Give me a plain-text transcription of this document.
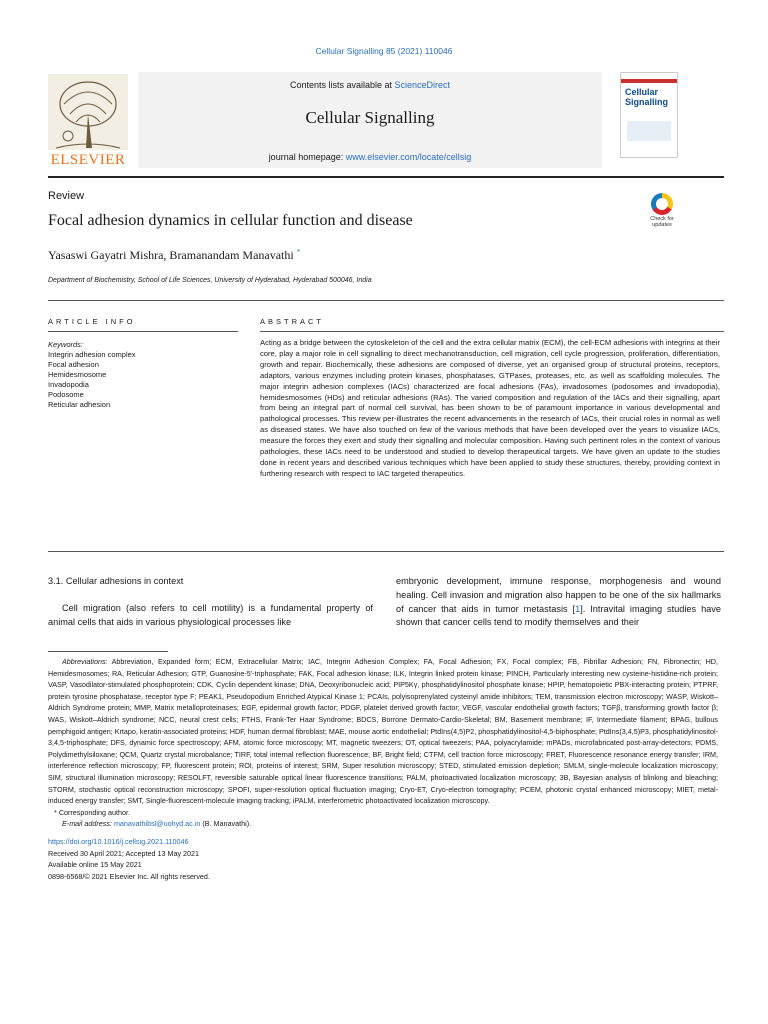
Cellular Signalling 85 (2021) 110046
ELSEVIER
Contents lists available at ScienceDirect
Cellular Signalling
journal homepage: www.elsevier.com/locate/cellsig
Cellular Signalling
Review
Focal adhesion dynamics in cellular function and disease	Check for
updates
Yasaswi Gayatri Mishra, Bramanandam Manavathi *
Department of Biochemistry, School of Life Sciences, University of Hyderabad, Hyderabad 500046, India
ARTICLE INFO	ABSTRACT
Keywords:
Integrin adhesion complex
Focal adhesion
Hemidesmosome
Invadopodia
Podosome
Reticular adhesion
Acting as a bridge between the cytoskeleton of the cell and the extra cellular matrix (ECM), the cell-ECM adhesions with integrins at their core, play a major role in cell signalling to direct mechanotransduction, cell migration, cell cycle progression, proliferation, differentiation, growth and repair. Biochemically, these adhesions are composed of diverse, yet an organised group of structural proteins, receptors, adaptors, various enzymes including protein kinases, phosphatases, GTPases, proteases, etc. as well as scaffolding molecules. The major integrin adhesion complexes (IACs) characterized are focal adhesions (FAs), invadosomes (podosomes and invadopodia), hemidesmosomes (HDs) and reticular adhesions (RAs). The varied composition and regulation of the IACs and their signalling, apart from being an integral part of normal cell survival, has been shown to be of paramount importance in various developmental and pathological processes. This review per-illustrates the recent advancements in the research of IACs, their crucial roles in normal as well as diseased states. We have also touched on few of the various methods that have been developed over the years to visualize IACs, measure the forces they exert and study their signalling and molecular composition. Having such pertinent roles in the context of various pathologies, these IACs need to be understood and studied to develop therapeutical targets. We have given an update to the studies done in recent years and described various techniques which have been applied to study these structures, thereby, providing context in furthering research with respect to IAC targeted therapeutics.
3.1. Cellular adhesions in context
Cell migration (also refers to cell motility) is a fundamental property of animal cells that aids in various physiological processes like
embryonic development, immune response, morphogenesis and wound healing. Cell invasion and migration also happen to be one of the six hallmarks of cancer that aids in tumor metastasis [1]. Intravital imaging studies have shown that cancer cells tend to modify themselves and their
Abbreviations: Abbreviation, Expanded form; ECM, Extracellular Matrix; IAC, Integrin Adhesion Complex; FA, Focal Adhesion; FX, Focal complex; FB, Fibrillar Adhesion; FN, Fibronectin; HD, Hemidesmosomes; RA, Reticular Adhesion; GTP, Guanosine-5'-triphosphate; FAK, Focal adhesion kinase; ILK, Integrin linked protein kinase; PINCH, Particularly interesting new cysteine-histidine-rich protein; VASP, Vasodilator-stimulated phosphoprotein; CDK, Cyclin dependent kinase; DNA, Deoxyribonucleic acid; PIP5Kγ, phosphatidylinositol phosphate kinase; HPIP, hematopoietic PBX-interacting protein; PTPRF, protein tyrosine phosphatase, receptor type F; PEAK1, Pseudopodium Enriched Atypical Kinase 1; PCAIs, polyisoprenylated cysteinyl amide inhibitors; TEM, transmission electron microscopy; WASP, Wiskott–Aldrich Syndrome protein; MMP, Matrix metalloproteinases; EGF, epidermal growth factor; PDGF, platelet derived growth factor; VEGF, vascular endothelial growth factors; TGFβ, transforming growth factor β; WAS, Wiskott–Aldrich syndrome; NCC, neural crest cells; FTHS, Frank-Ter Haar Syndrome; BDCS, Borrone Dermato-Cardio-Skeletal; BM, Basement membrane; IF, Intermediate filament; BPAG, bullous pemphigoid antigen; Krtapo, keratin-associated proteins; HDF, human dermal fibroblast; MAE, mouse aortic endothelial; PtdIns(4,5)P2, phosphatidylinositol-4,5-biphosphate; PtdIns(3,4,5)P3, phosphatidylinositol-3,4,5-triphosphate; DFS, dynamic force spectroscopy; AFM, atomic force microscopy; MT, magnetic tweezers; OT, optical tweezers; PAA, polyacrylamide; mPADs, microfabricated post-array-detectors; PDMS, Polydimethylsiloxane; QCM, Quartz crystal microbalance; TIRF, total internal reflection fluorescence; BF, Bright field; CTFM, cell traction force microscopy; FRET, Fluorescence resonance energy transfer; IRM, interference reflection microscopy; FP, fluorescent protein; ROI, proteins of interest; SRM, Super resolution microscopy; STED, stimulated emission depletion; SMLM, single-molecule localization microscopy; SIM, structural illumination microscopy; RESOLFT, reversible saturable optical linear fluorescence transitions; PALM, photoactivated localization microscopy; 3B, Bayesian analysis of blinking and bleaching; STORM, stochastic optical reconstruction microscopy; SPOFI, super-resolution optical fluctuation imaging; Cryo-ET, Cryo-electron tomography; PCEM, photonic crystal enhanced microscopy; MIET, metal-induced energy transfer; SMT, Single-fluorescent-molecule imaging tracking; iPALM, interferometric photoactivated localization microscopy.
* Corresponding author.
E-mail address: manavathibsl@uohyd.ac.in (B. Manavathi).
https://doi.org/10.1016/j.cellsig.2021.110046
Received 30 April 2021; Accepted 13 May 2021
Available online 15 May 2021
0898-6568/© 2021 Elsevier Inc. All rights reserved.
